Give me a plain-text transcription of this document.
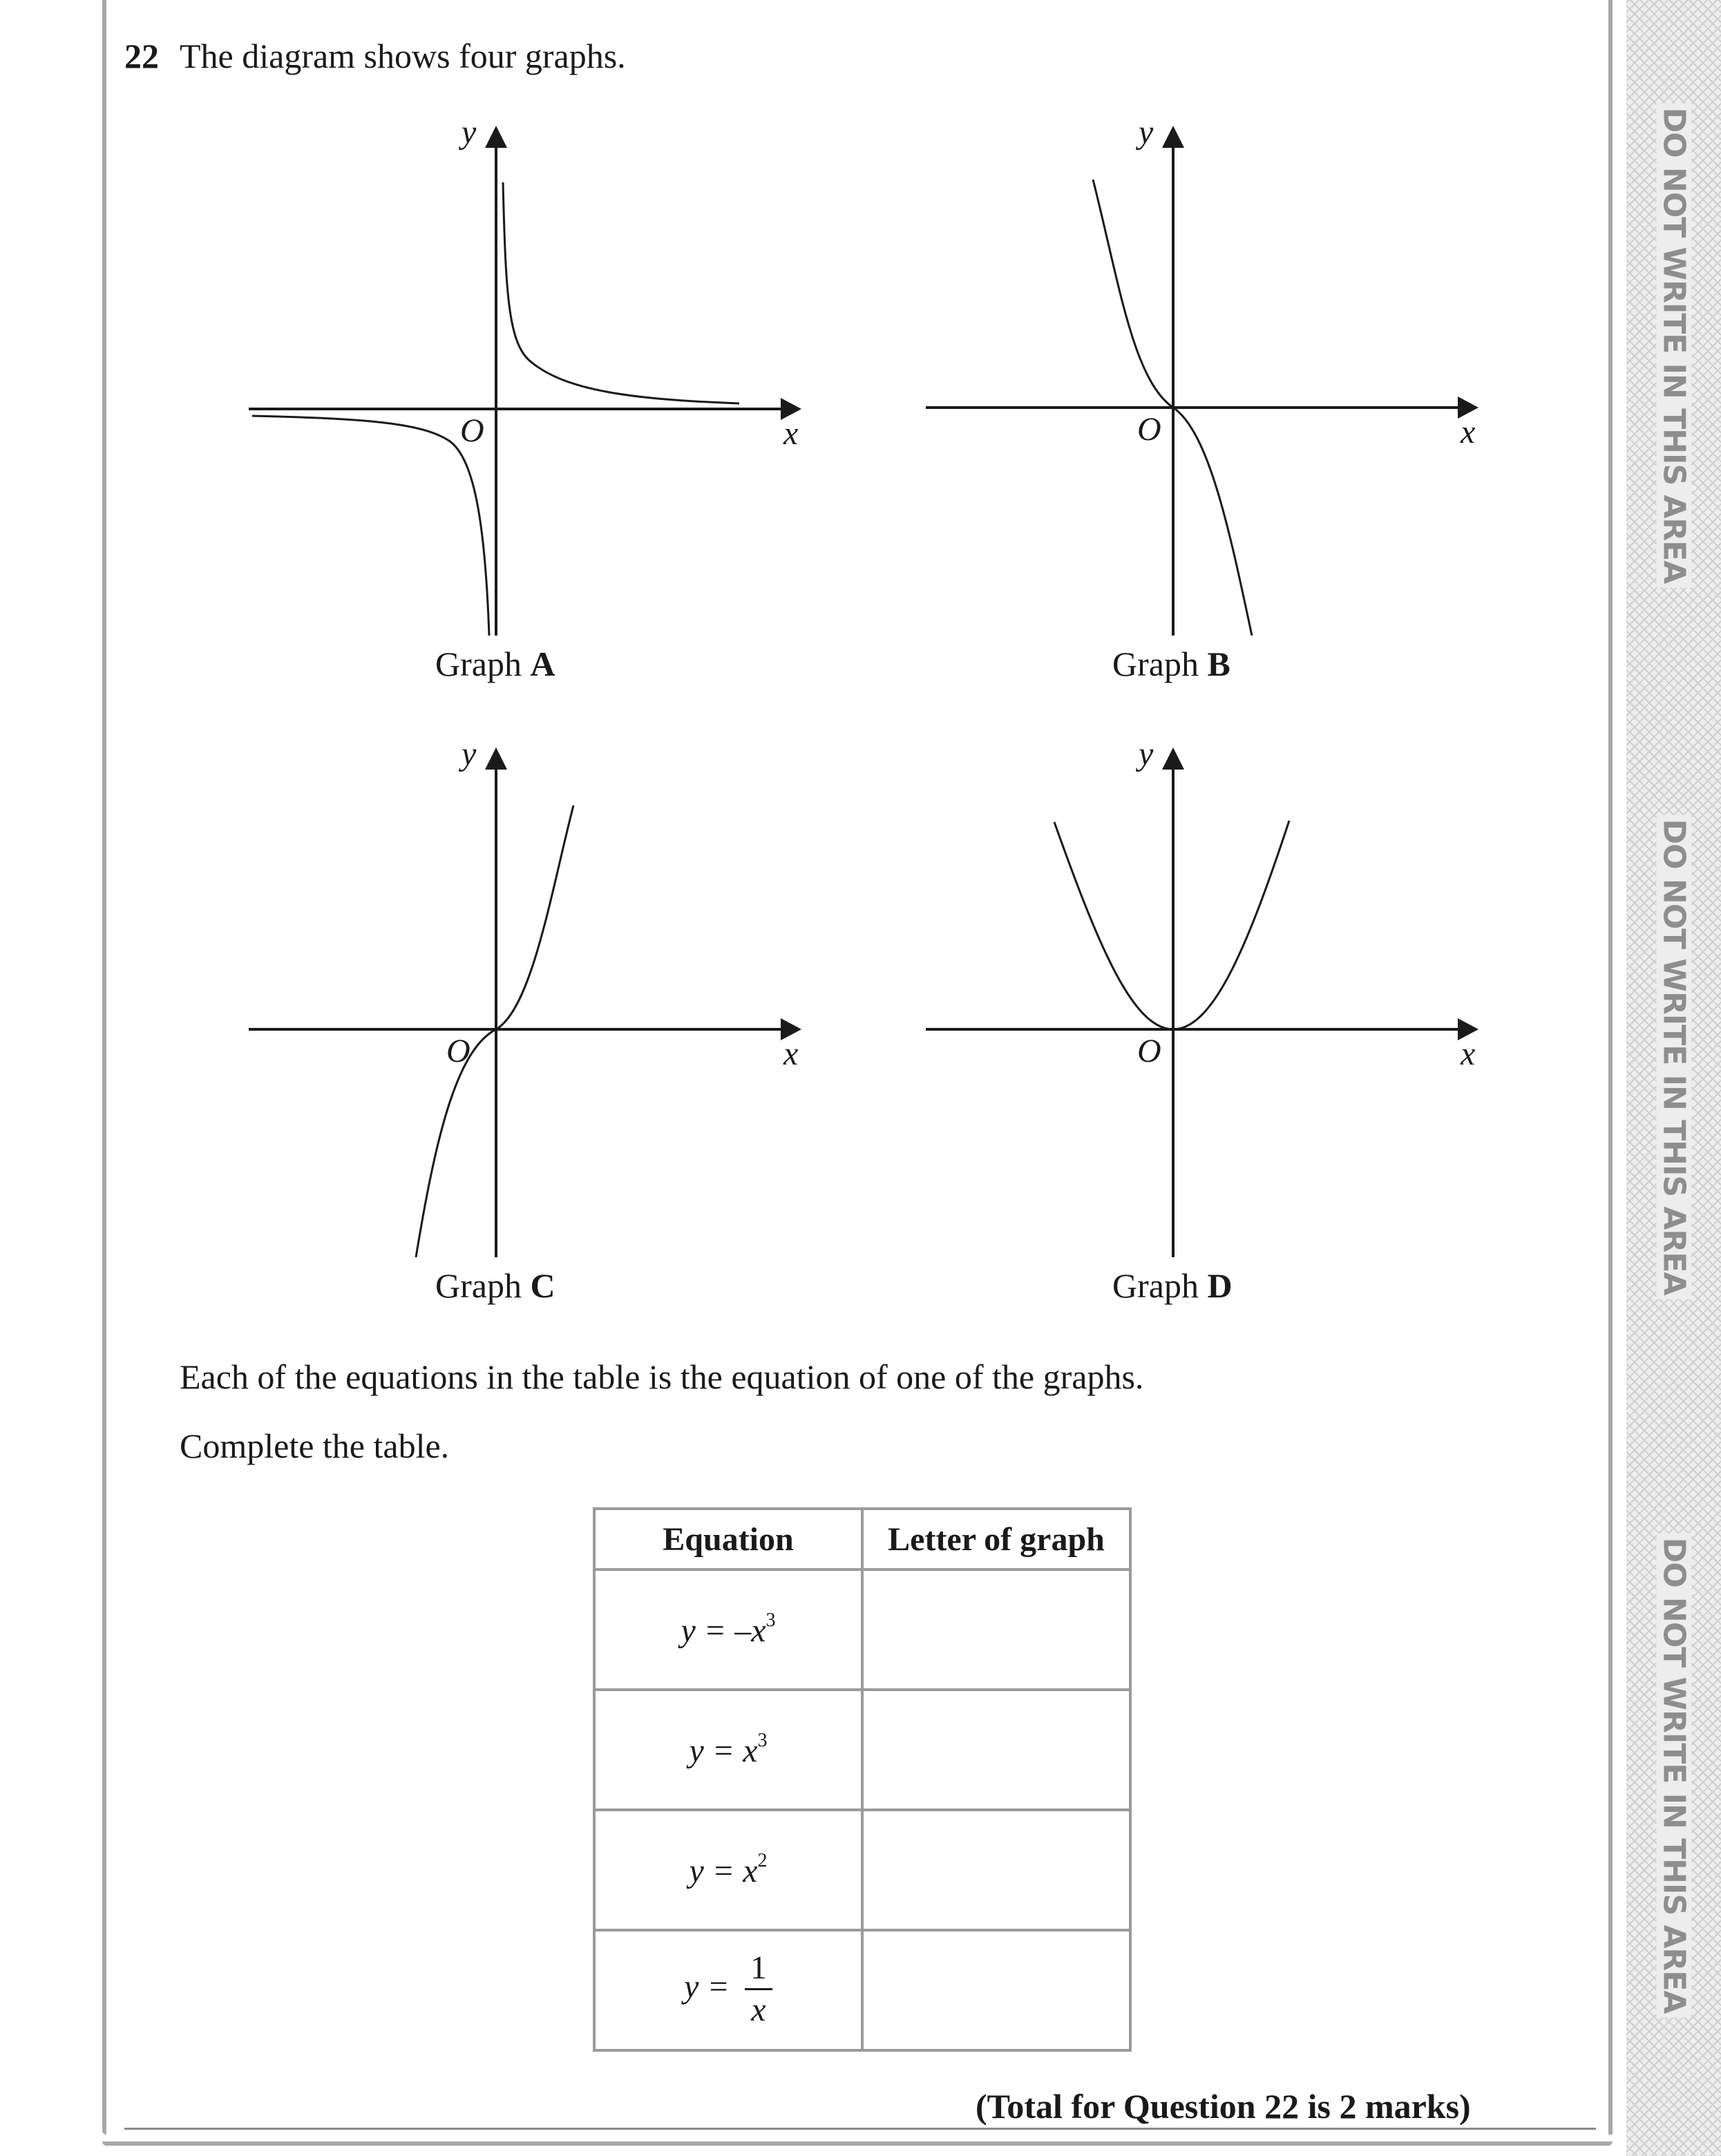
DO NOT WRITE IN THIS AREA
DO NOT WRITE IN THIS AREA
DO NOT WRITE IN THIS AREA
22 The diagram shows four graphs.
y
x
O
Graph A
y
x
O
Graph B
y
x
O
Graph C
y
x
O
Graph D
Each of the equations in the table is the equation of one of the graphs.
Complete the table.
Equation	Letter of graph
$y = -x^3$	
$y = x^3$	
$y = x^2$	
$y = \frac{1}{x}$

(Total for Question 22 is 2 marks)
